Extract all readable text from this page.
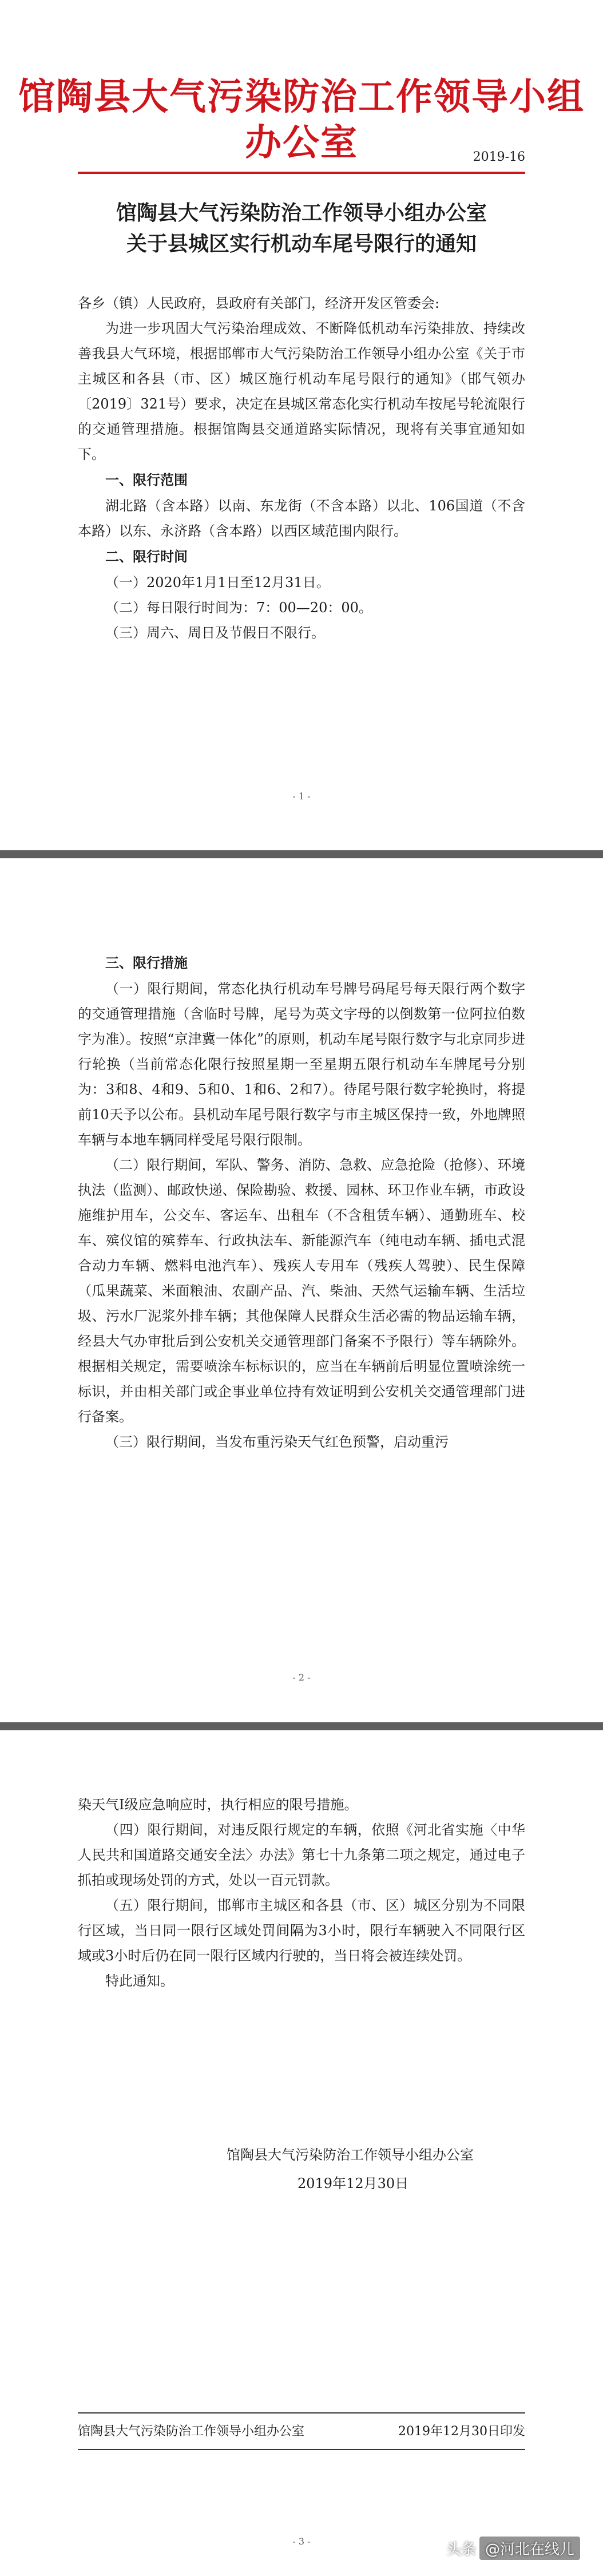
馆陶县大气污染防治工作领导小组办公室	2019-16
馆陶县大气污染防治工作领导小组办公室
关于县城区实行机动车尾号限行的通知

各乡（镇）人民政府，县政府有关部门，经济开发区管委会:

为进一步巩固大气污染治理成效、不断降低机动车污染排放、持续改善我县大气环境，根据邯郸市大气污染防治工作领导小组办公室《关于市主城区和各县（市、区）城区施行机动车尾号限行的通知》（邯气领办〔2019〕321号）要求，决定在县城区常态化实行机动车按尾号轮流限行的交通管理措施。根据馆陶县交通道路实际情况，现将有关事宜通知如下。

一、限行范围

湖北路（含本路）以南、东龙街（不含本路）以北、106国道（不含本路）以东、永济路（含本路）以西区域范围内限行。

二、限行时间

（一）2020年1月1日至12月31日。

（二）每日限行时间为：7：00—20：00。

（三）周六、周日及节假日不限行。

- 1 -
三、限行措施

（一）限行期间，常态化执行机动车号牌号码尾号每天限行两个数字的交通管理措施（含临时号牌，尾号为英文字母的以倒数第一位阿拉伯数字为准）。按照“京津冀一体化”的原则，机动车尾号限行数字与北京同步进行轮换（当前常态化限行按照星期一至星期五限行机动车车牌尾号分别为：3和8、4和9、5和0、1和6、2和7）。待尾号限行数字轮换时，将提前10天予以公布。县机动车尾号限行数字与市主城区保持一致，外地牌照车辆与本地车辆同样受尾号限行限制。

（二）限行期间，军队、警务、消防、急救、应急抢险（抢修）、环境执法（监测）、邮政快递、保险勘验、救援、园林、环卫作业车辆，市政设施维护用车，公交车、客运车、出租车（不含租赁车辆）、通勤班车、校车、殡仪馆的殡葬车、行政执法车、新能源汽车（纯电动车辆、插电式混合动力车辆、燃料电池汽车）、残疾人专用车（残疾人驾驶）、民生保障（瓜果蔬菜、米面粮油、农副产品、汽、柴油、天然气运输车辆、生活垃圾、污水厂泥浆外排车辆；其他保障人民群众生活必需的物品运输车辆，经县大气办审批后到公安机关交通管理部门备案不予限行）等车辆除外。根据相关规定，需要喷涂车标标识的，应当在车辆前后明显位置喷涂统一标识，并由相关部门或企事业单位持有效证明到公安机关交通管理部门进行备案。

（三）限行期间，当发布重污染天气红色预警，启动重污

- 2 -

染天气Ⅰ级应急响应时，执行相应的限号措施。

（四）限行期间，对违反限行规定的车辆，依照《河北省实施〈中华人民共和国道路交通安全法〉办法》第七十九条第二项之规定，通过电子抓拍或现场处罚的方式，处以一百元罚款。

（五）限行期间，邯郸市主城区和各县（市、区）城区分别为不同限行区域，当日同一限行区域处罚间隔为3小时，限行车辆驶入不同限行区域或3小时后仍在同一限行区域内行驶的，当日将会被连续处罚。

特此通知。

馆陶县大气污染防治工作领导小组办公室
2019年12月30日
馆陶县大气污染防治工作领导小组办公室	2019年12月30日印发
- 3 -	头条 @河北在线儿
